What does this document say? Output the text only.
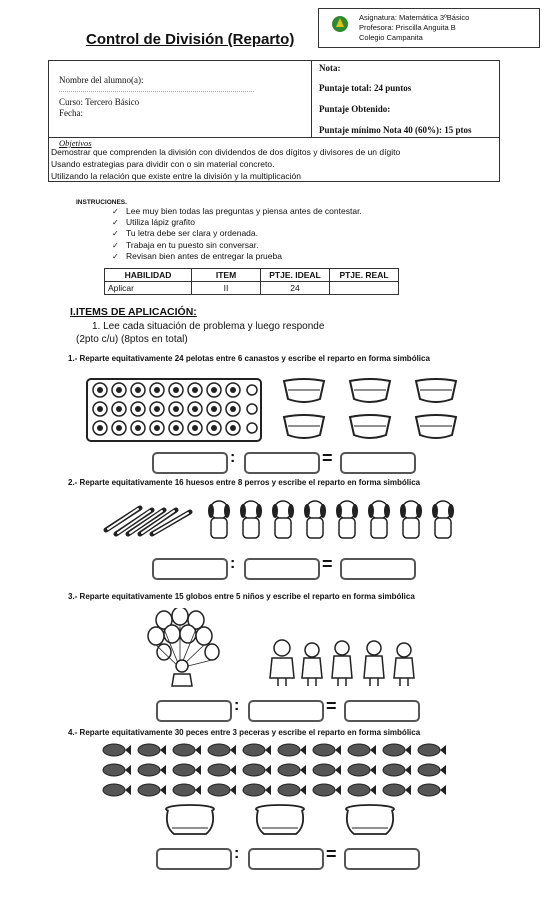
Control de División (Reparto)
Asignatura: Matemática 3ºBásico
Profesora: Priscilla Anguita B
Colegio Campanita
Nombre del alumno(a):
..................................................................................................
Curso: Tercero Básico
Fecha:
Nota:
Puntaje total: 24 puntos
Puntaje Obtenido:
Puntaje mínimo Nota 40 (60%): 15 ptos
Objetivos
Demostrar que comprenden la división con dividendos de dos dígitos y divisores de un dígito
Usando estrategias para dividir con o sin material concreto.
Utilizando la relación que existe entre la división y la multiplicación
INSTRUCIONES.
✓ Lee muy bien todas las preguntas y piensa antes de contestar.
✓ Utiliza lápiz grafito
✓ Tu letra debe ser clara y ordenada.
✓ Trabaja en tu puesto sin conversar.
✓ Revisan bien antes de entregar la prueba
HABILIDAD	ITEM	PTJE. IDEAL	PTJE. REAL
Aplicar	II	24	
I.ITEMS DE APLICACIÓN:
1. Lee cada situación de problema y luego responde
(2pto c/u) (8ptos en total)
1.- Reparte equitativamente 24 pelotas entre 6 canastos y escribe el reparto en forma simbólica
:	=
2.- Reparte equitativamente 16 huesos entre 8 perros y escribe el reparto en forma simbólica
:	=
3.- Reparte equitativamente 15 globos entre 5 niños y escribe el reparto en forma simbólica
:	=
4.- Reparte equitativamente 30 peces entre 3 peceras y escribe el reparto en forma simbólica
:	=
